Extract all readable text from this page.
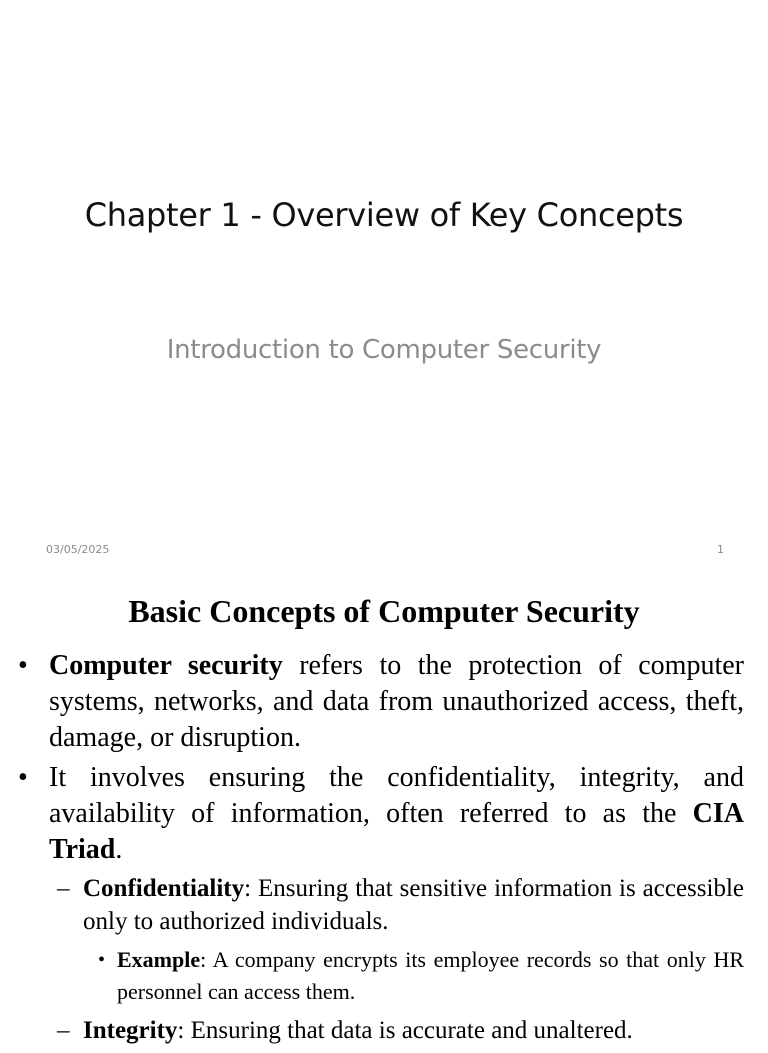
Chapter 1 - Overview of Key Concepts
Introduction to Computer Security
03/05/2025	1
Basic Concepts of Computer Security
• Computer security refers to the protection of computer systems, networks, and data from unauthorized access, theft, damage, or disruption.
• It involves ensuring the confidentiality, integrity, and availability of information, often referred to as the CIA Triad.
– Confidentiality: Ensuring that sensitive information is accessible only to authorized individuals.
• Example: A company encrypts its employee records so that only HR personnel can access them.
– Integrity: Ensuring that data is accurate and unaltered.
